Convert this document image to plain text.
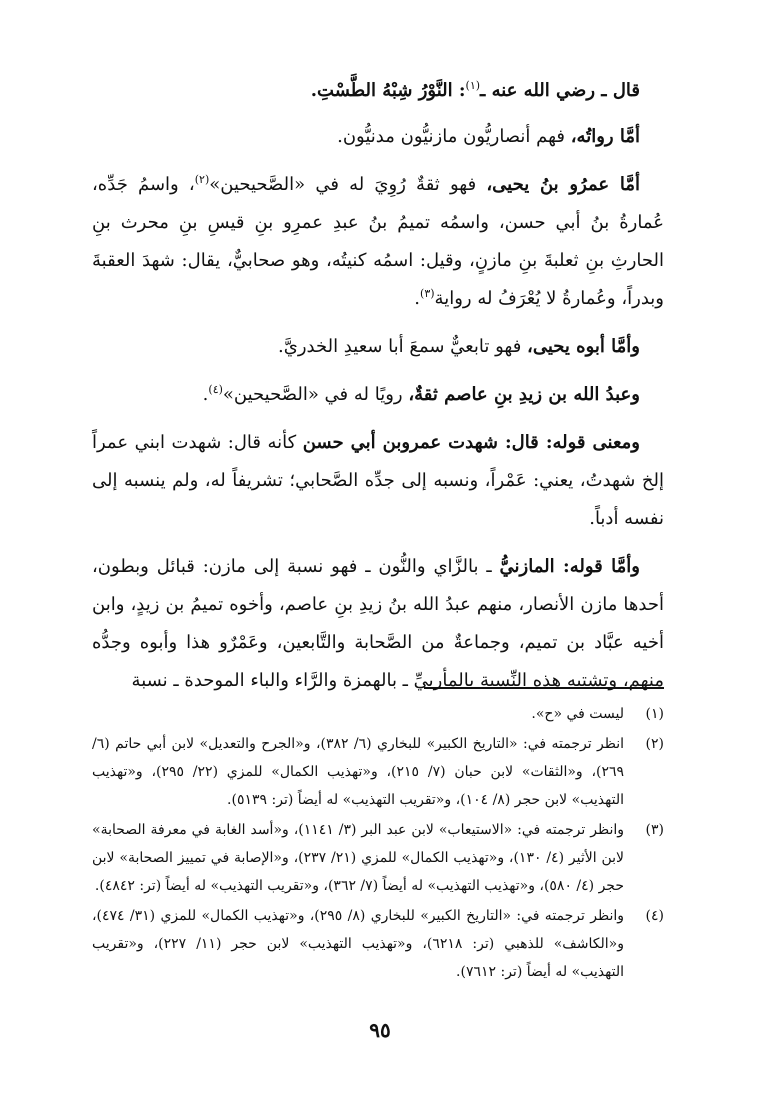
قال ـ رضي الله عنه ـ$^{(١)}$: النَّوْرُ شِبْهُ الطَّسْتِ.

أمَّا رواتُه، فهم أنصاريُّون مازنيُّون مدنيُّون.

أمَّا عمرُو بنُ يحيى، فهو ثقةٌ رُوِيَ له في «الصَّحيحين»$^{(٢)}$، واسمُ جَدِّه، عُمارةُ بنُ أبي حسن، واسمُه تميمُ بنُ عبدِ عمرِو بنِ قيسِ بنِ محرث بنِ الحارثِ بنِ ثعلبةَ بنِ مازنٍ، وقيل: اسمُه كنيتُه، وهو صحابيٌّ، يقال: شهدَ العقبةَ وبدراً، وعُمارةُ لا يُعْرَفُ له رواية$^{(٣)}$.

وأمَّا أبوه يحيى، فهو تابعيٌّ سمعَ أبا سعيدِ الخدريَّ.

وعبدُ الله بن زيدِ بنِ عاصم ثقةٌ، رويًا له في «الصَّحيحين»$^{(٤)}$.

ومعنى قوله: قال: شهدت عمروبن أبي حسن كأنه قال: شهدت ابني عمراً إلخ شهدتُ، يعني: عَمْراً، ونسبه إلى جدِّه الصَّحابي؛ تشريفاً له، ولم ينسبه إلى نفسه أدباً.

وأمَّا قوله: المازنيُّ ـ بالزَّاي والنُّون ـ فهو نسبة إلى مازن: قبائل وبطون، أحدها مازن الأنصار، منهم عبدُ الله بنُ زيدِ بنِ عاصم، وأخوه تميمُ بن زيدٍ، وابن أخيه عبَّاد بن تميم، وجماعةٌ من الصَّحابة والتَّابعين، وعَمْرٌو هذا وأبوه وجدُّه منهم، وتشتبه هذه النِّسبة بالمأربيِّ ـ بالهمزة والرَّاء والباء الموحدة ـ نسبة

(١)
ليست في «ح».
(٢)
انظر ترجمته في: «التاريخ الكبير» للبخاري (٦/ ٣٨٢)، و«الجرح والتعديل» لابن أبي حاتم (٦/ ٢٦٩)، و«الثقات» لابن حبان (٧/ ٢١٥)، و«تهذيب الكمال» للمزي (٢٢/ ٢٩٥)، و«تهذيب التهذيب» لابن حجر (٨/ ١٠٤)، و«تقريب التهذيب» له أيضاً (تر: ٥١٣٩).
(٣)
وانظر ترجمته في: «الاستيعاب» لابن عبد البر (٣/ ١١٤١)، و«أسد الغابة في معرفة الصحابة» لابن الأثير (٤/ ١٣٠)، و«تهذيب الكمال» للمزي (٢١/ ٢٣٧)، و«الإصابة في تمييز الصحابة» لابن حجر (٤/ ٥٨٠)، و«تهذيب التهذيب» له أيضاً (٧/ ٣٦٢)، و«تقريب التهذيب» له أيضاً (تر: ٤٨٤٢).
(٤)
وانظر ترجمته في: «التاريخ الكبير» للبخاري (٨/ ٢٩٥)، و«تهذيب الكمال» للمزي (٣١/ ٤٧٤)، و«الكاشف» للذهبي (تر: ٦٢١٨)، و«تهذيب التهذيب» لابن حجر (١١/ ٢٢٧)، و«تقريب التهذيب» له أيضاً (تر: ٧٦١٢).
٩٥
